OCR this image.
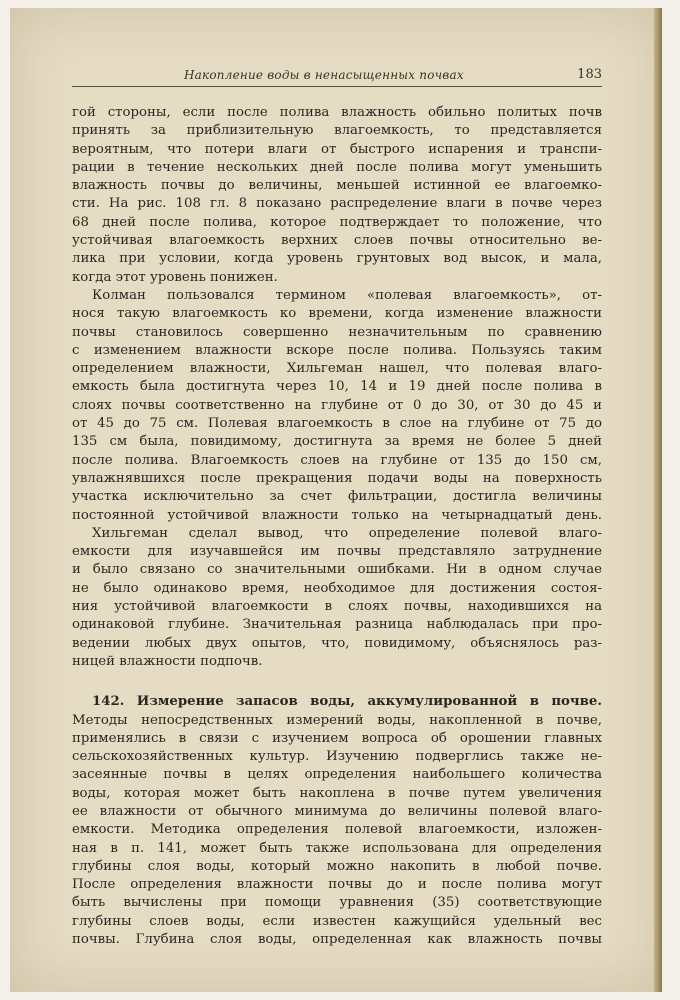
Накопление воды в ненасыщенных почвах	183
гой стороны, если после полива влажность обильно политых почв
принять за приблизительную влагоемкость, то представляется
вероятным, что потери влаги от быстрого испарения и транспи-
рации в течение нескольких дней после полива могут уменьшить
влажность почвы до величины, меньшей истинной ее влагоемко-
сти. На рис. 108 гл. 8 показано распределение влаги в почве через
68 дней после полива, которое подтверждает то положение, что
устойчивая влагоемкость верхних слоев почвы относительно ве-
лика при условии, когда уровень грунтовых вод высок, и мала,
когда этот уровень понижен.
Колман пользовался термином «полевая влагоемкость», от-
нося такую влагоемкость ко времени, когда изменение влажности
почвы становилось совершенно незначительным по сравнению
с изменением влажности вскоре после полива. Пользуясь таким
определением влажности, Хильгеман нашел, что полевая влаго-
емкость была достигнута через 10, 14 и 19 дней после полива в
слоях почвы соответственно на глубине от 0 до 30, от 30 до 45 и
от 45 до 75 см. Полевая влагоемкость в слое на глубине от 75 до
135 см была, повидимому, достигнута за время не более 5 дней
после полива. Влагоемкость слоев на глубине от 135 до 150 см,
увлажнявшихся после прекращения подачи воды на поверхность
участка исключительно за счет фильтрации, достигла величины
постоянной устойчивой влажности только на четырнадцатый день.
Хильгеман сделал вывод, что определение полевой влаго-
емкости для изучавшейся им почвы представляло затруднение
и было связано со значительными ошибками. Ни в одном случае
не было одинаково время, необходимое для достижения состоя-
ния устойчивой влагоемкости в слоях почвы, находившихся на
одинаковой глубине. Значительная разница наблюдалась при про-
ведении любых двух опытов, что, повидимому, объяснялось раз-
ницей влажности подпочв.
142. Измерение запасов воды, аккумулированной в почве.
Методы непосредственных измерений воды, накопленной в почве,
применялись в связи с изучением вопроса об орошении главных
сельскохозяйственных культур. Изучению подверглись также не-
засеянные почвы в целях определения наибольшего количества
воды, которая может быть накоплена в почве путем увеличения
ее влажности от обычного минимума до величины полевой влаго-
емкости. Методика определения полевой влагоемкости, изложен-
ная в п. 141, может быть также использована для определения
глубины слоя воды, который можно накопить в любой почве.
После определения влажности почвы до и после полива могут
быть вычислены при помощи уравнения (35) соответствующие
глубины слоев воды, если известен кажущийся удельный вес
почвы. Глубина слоя воды, определенная как влажность почвы
